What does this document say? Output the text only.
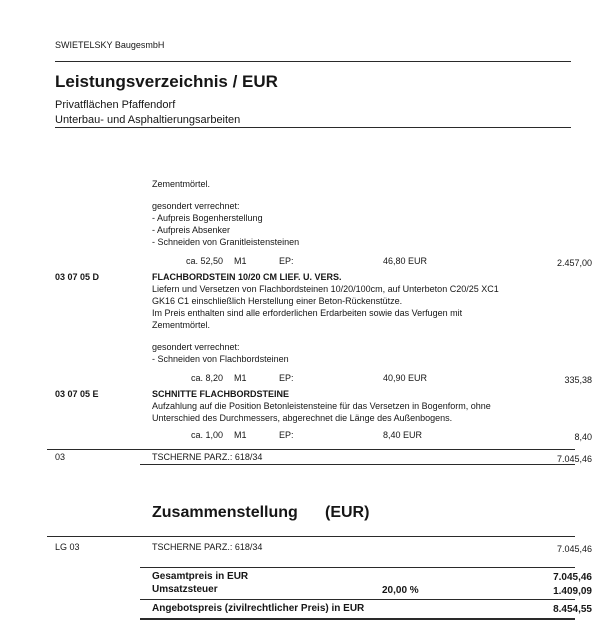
SWIETELSKY BaugesmbH
Leistungsverzeichnis / EUR
Privatflächen Pfaffendorf
Unterbau- und Asphaltierungsarbeiten
Zementmörtel.
gesondert verrechnet:
- Aufpreis Bogenherstellung
- Aufpreis Absenker
- Schneiden von Granitleistensteinen
ca. 52,50 M1	EP:	46,80 EUR	2.457,00
03 07 05 D	FLACHBORDSTEIN 10/20 CM LIEF. U. VERS.
Liefern und Versetzen von Flachbordsteinen 10/20/100cm, auf Unterbeton C20/25 XC1
GK16 C1 einschließlich Herstellung einer Beton-Rückenstütze.
Im Preis enthalten sind alle erforderlichen Erdarbeiten sowie das Verfugen mit
Zementmörtel.
gesondert verrechnet:
- Schneiden von Flachbordsteinen
ca. 8,20 M1	EP:	40,90 EUR	335,38
03 07 05 E	SCHNITTE FLACHBORDSTEINE
Aufzahlung auf die Position Betonleistensteine für das Versetzen in Bogenform, ohne
Unterschied des Durchmessers, abgerechnet die Länge des Außenbogens.
ca. 1,00 M1	EP:	8,40 EUR	8,40
03	TSCHERNE PARZ.: 618/34	7.045,46
Zusammenstellung (EUR)
LG 03	TSCHERNE PARZ.: 618/34	7.045,46
Gesamtpreis in EUR	7.045,46
Umsatzsteuer	20,00 %	1.409,09
Angebotspreis (zivilrechtlicher Preis) in EUR	8.454,55
